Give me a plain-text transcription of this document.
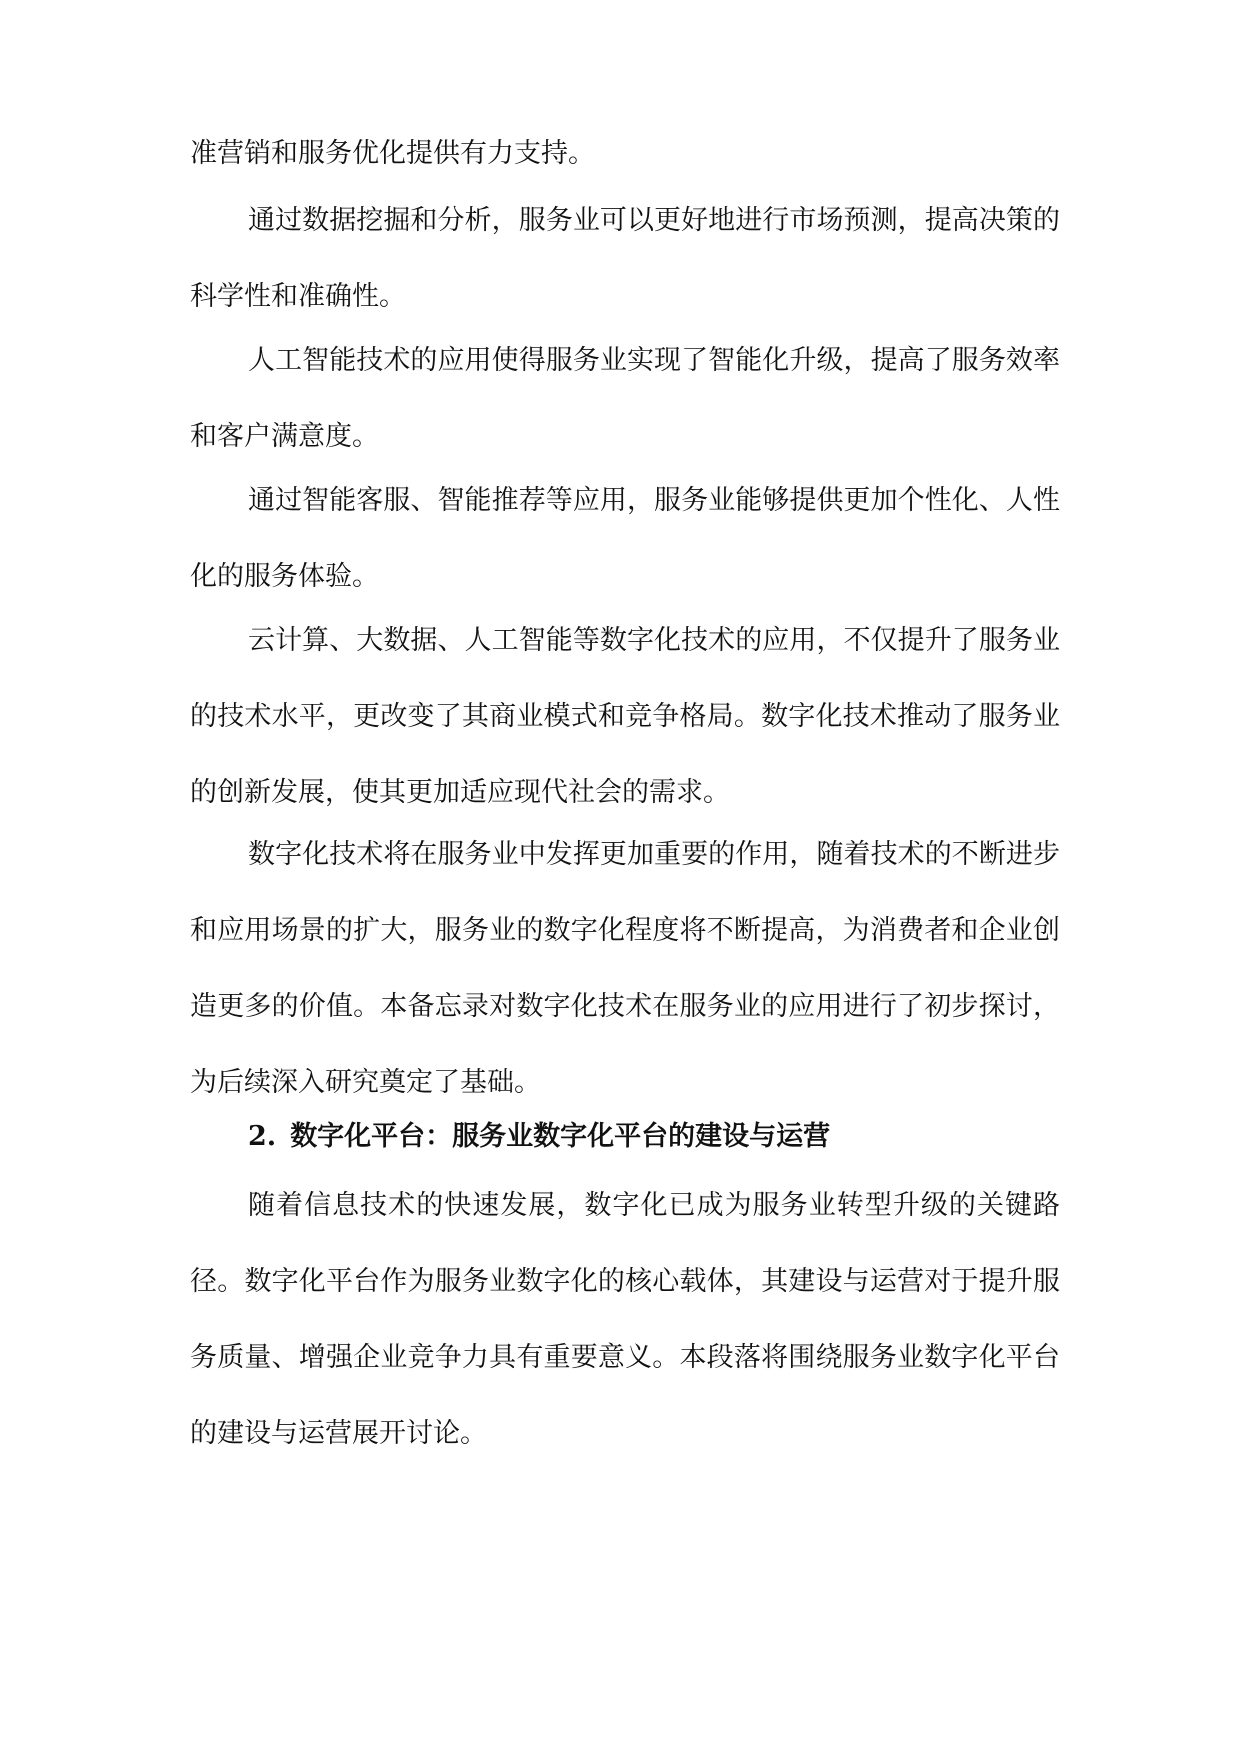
准营销和服务优化提供有力支持。

通过数据挖掘和分析，服务业可以更好地进行市场预测，提高决策的科学性和准确性。

人工智能技术的应用使得服务业实现了智能化升级，提高了服务效率和客户满意度。

通过智能客服、智能推荐等应用，服务业能够提供更加个性化、人性化的服务体验。

云计算、大数据、人工智能等数字化技术的应用，不仅提升了服务业的技术水平，更改变了其商业模式和竞争格局。数字化技术推动了服务业的创新发展，使其更加适应现代社会的需求。

数字化技术将在服务业中发挥更加重要的作用，随着技术的不断进步和应用场景的扩大，服务业的数字化程度将不断提高，为消费者和企业创造更多的价值。本备忘录对数字化技术在服务业的应用进行了初步探讨，为后续深入研究奠定了基础。

2. 数字化平台：服务业数字化平台的建设与运营

随着信息技术的快速发展，数字化已成为服务业转型升级的关键路径。数字化平台作为服务业数字化的核心载体，其建设与运营对于提升服务质量、增强企业竞争力具有重要意义。本段落将围绕服务业数字化平台的建设与运营展开讨论。
